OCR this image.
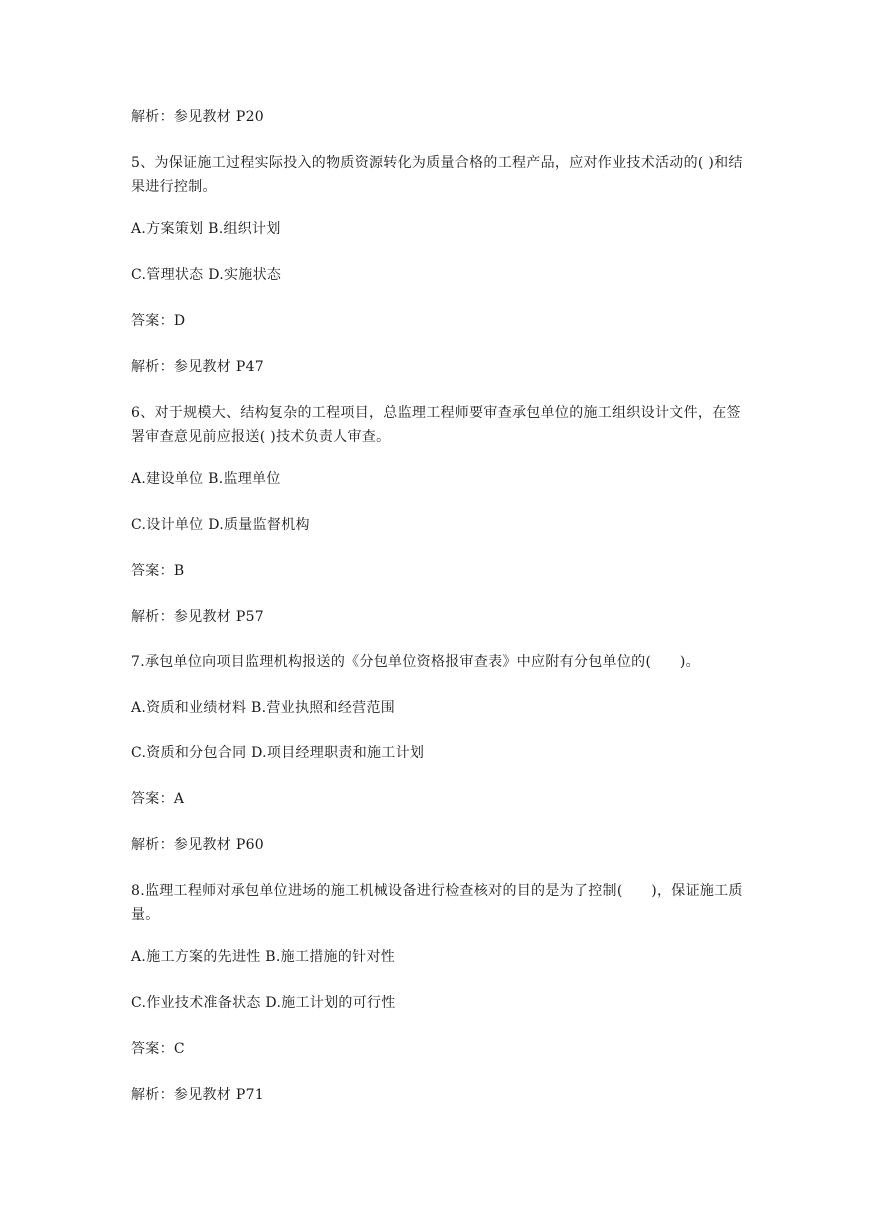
解析：参见教材 P20
5、为保证施工过程实际投入的物质资源转化为质量合格的工程产品，应对作业技术活动的( )和结果进行控制。
A.方案策划 B.组织计划
C.管理状态 D.实施状态
答案：D
解析：参见教材 P47
6、对于规模大、结构复杂的工程项目，总监理工程师要审查承包单位的施工组织设计文件，在签署审查意见前应报送( )技术负责人审查。
A.建设单位 B.监理单位
C.设计单位 D.质量监督机构
答案：B
解析：参见教材 P57
7.承包单位向项目监理机构报送的《分包单位资格报审查表》中应附有分包单位的(　　)。
A.资质和业绩材料 B.营业执照和经营范围
C.资质和分包合同 D.项目经理职责和施工计划
答案：A
解析：参见教材 P60
8.监理工程师对承包单位进场的施工机械设备进行检查核对的目的是为了控制(　　)，保证施工质量。
A.施工方案的先进性 B.施工措施的针对性
C.作业技术准备状态 D.施工计划的可行性
答案：C
解析：参见教材 P71
